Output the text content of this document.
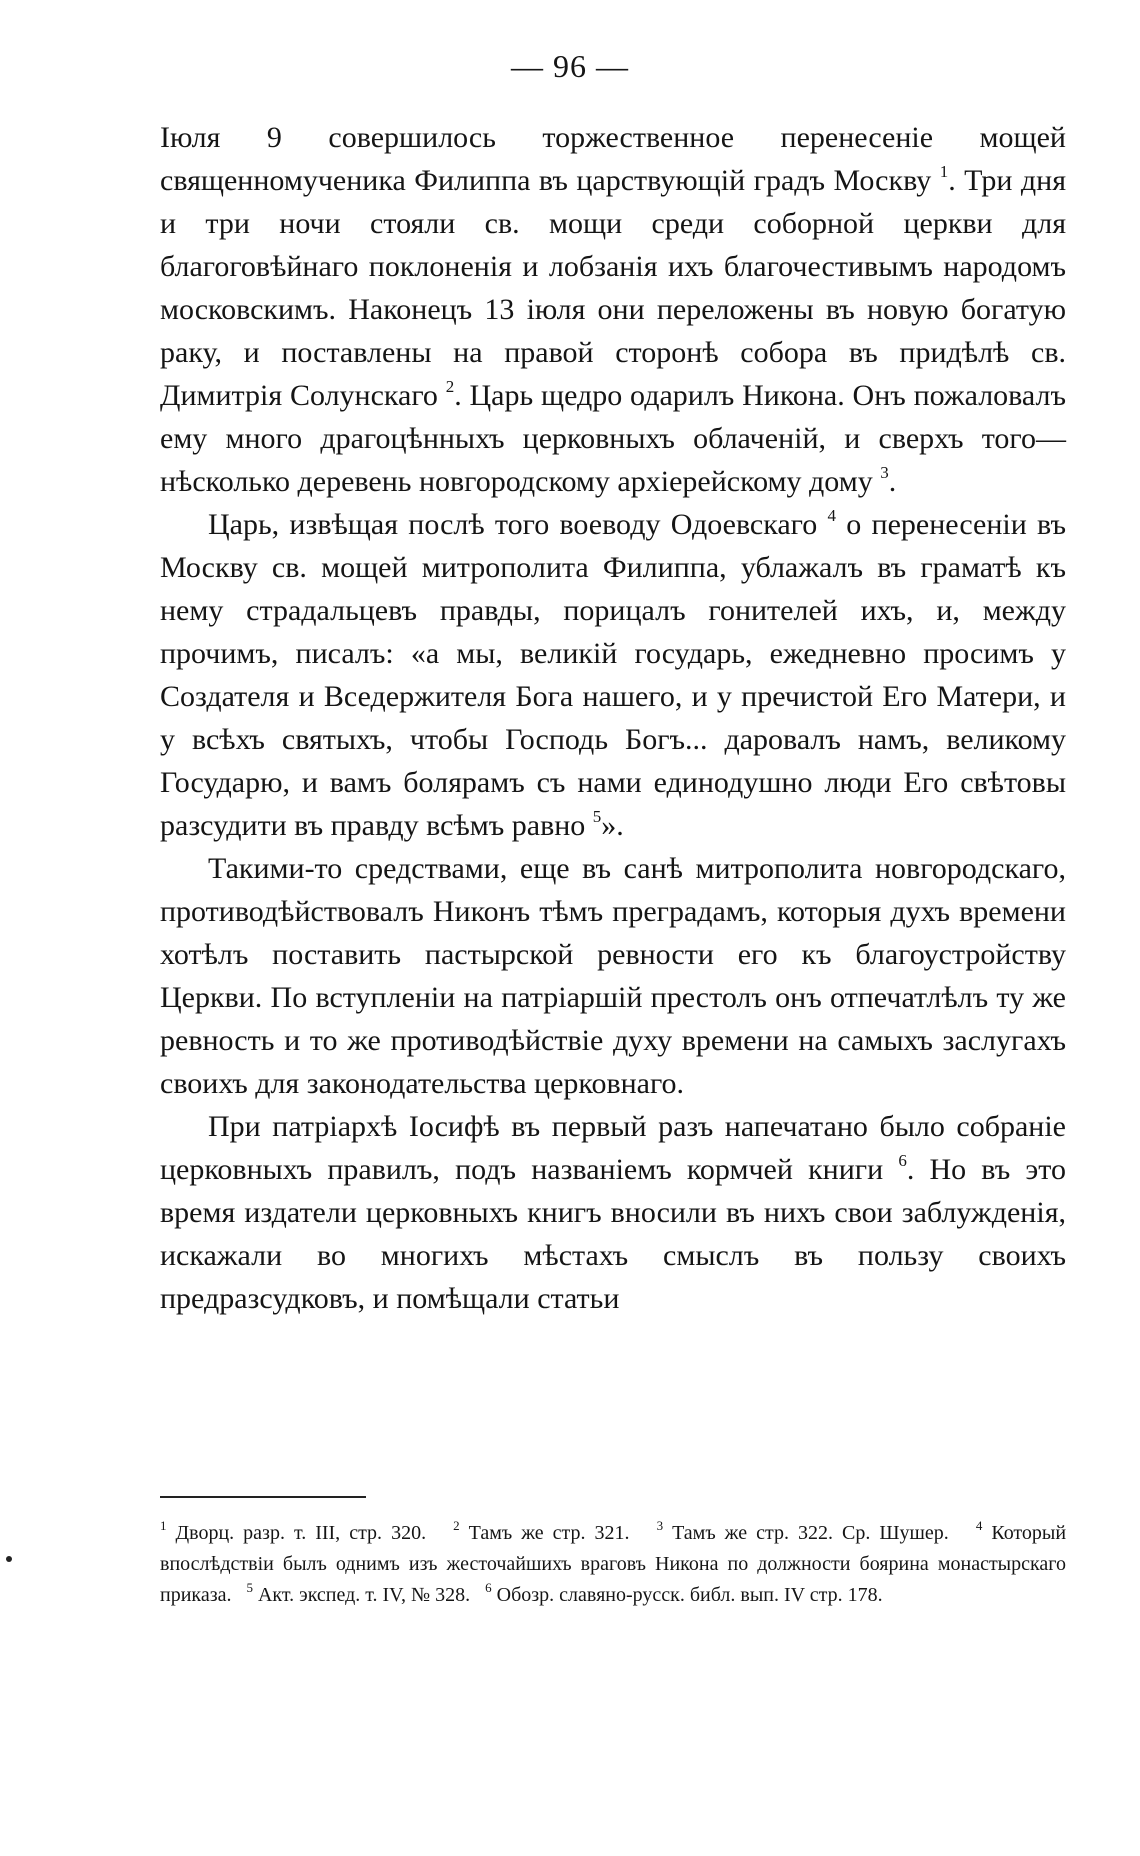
— 96 —

Іюля 9 совершилось торжественное перенесеніе мощей священномученика Филиппа въ царствующій градъ Москву $^1$. Три дня и три ночи стояли св. мощи среди соборной церкви для благоговѣйнаго поклоненія и лобзанія ихъ благочестивымъ народомъ московскимъ. Наконецъ 13 іюля они переложены въ новую богатую раку, и поставлены на правой сторонѣ собора въ придѣлѣ св. Димитрія Солунскаго $^2$. Царь щедро одарилъ Никона. Онъ пожаловалъ ему много драгоцѣнныхъ церковныхъ облаченій, и сверхъ того—нѣсколько деревень новгородскому архіерейскому дому $^3$.

Царь, извѣщая послѣ того воеводу Одоевскаго $^4$ о перенесеніи въ Москву св. мощей митрополита Филиппа, ублажалъ въ граматѣ къ нему страдальцевъ правды, порицалъ гонителей ихъ, и, между прочимъ, писалъ: «а мы, великій государь, ежедневно просимъ у Создателя и Вседержителя Бога нашего, и у пречистой Его Матери, и у всѣхъ святыхъ, чтобы Господь Богъ... даровалъ намъ, великому Государю, и вамъ болярамъ съ нами единодушно люди Его свѣтовы разсудити въ правду всѣмъ равно $^5$».

Такими-то средствами, еще въ санѣ митрополита новгородскаго, противодѣйствовалъ Никонъ тѣмъ преградамъ, которыя духъ времени хотѣлъ поставить пастырской ревности его къ благоустройству Церкви. По вступленіи на патріаршій престолъ онъ отпечатлѣлъ ту же ревность и то же противодѣйствіе духу времени на самыхъ заслугахъ своихъ для законодательства церковнаго.

При патріархѣ Іосифѣ въ первый разъ напечатано было собраніе церковныхъ правилъ, подъ названіемъ кормчей книги $^6$. Но въ это время издатели церковныхъ книгъ вносили въ нихъ свои заблужденія, искажали во многихъ мѣстахъ смыслъ въ пользу своихъ предразсудковъ, и помѣщали статьи

$^1$ Дворц. разр. т. III, стр. 320. $^2$ Тамъ же стр. 321. $^3$ Тамъ же стр. 322. Ср. Шушер. $^4$ Который впослѣдствіи былъ однимъ изъ жесточайшихъ враговъ Никона по должности боярина монастырскаго приказа. $^5$ Акт. экспед. т. IV, № 328. $^6$ Обозр. славяно-русск. библ. вып. IV стр. 178.
